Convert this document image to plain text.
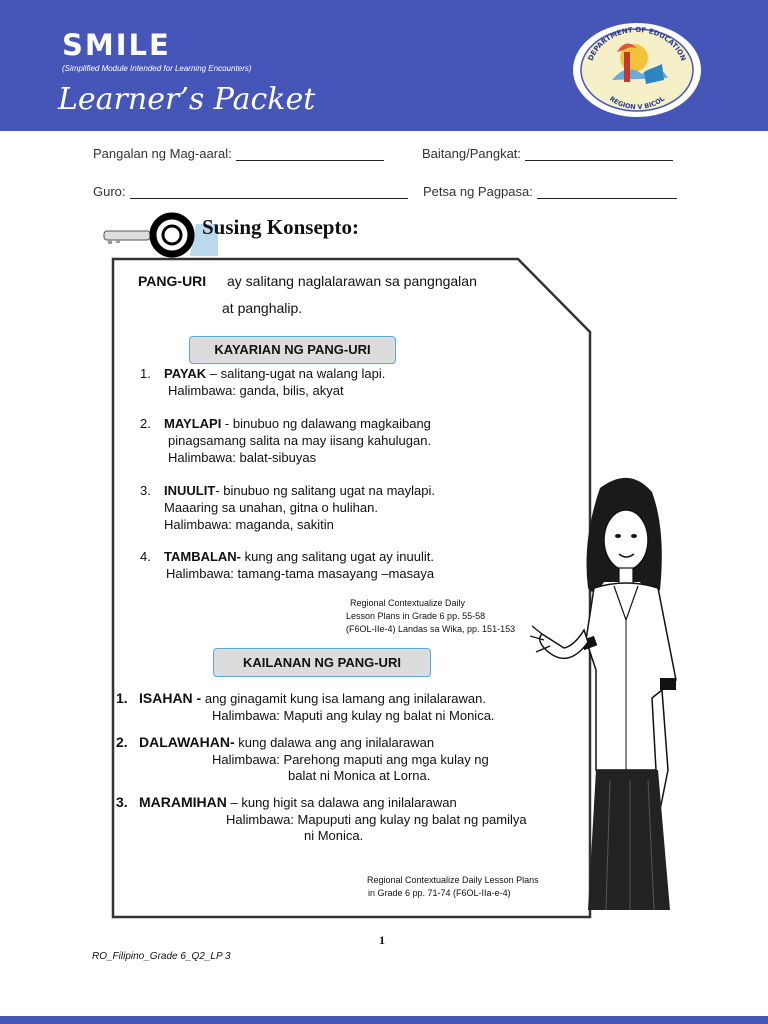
SMILE
(Simplified Module Intended for Learning Encounters)
Learner’s Packet
DEPARTMENT OF EDUCATION
REGION V BICOL
Pangalan ng Mag-aaral:	Baitang/Pangkat:
Guro:	Petsa ng Pagpasa:
Susing Konsepto:
PANG-URI ay salitang naglalarawan sa pangngalan
at panghalip.
KAYARIAN NG PANG-URI
1. PAYAK – salitang-ugat na walang lapi.
Halimbawa: ganda, bilis, akyat
2. MAYLAPI - binubuo ng dalawang magkaibang
pinagsamang salita na may iisang kahulugan.
Halimbawa: balat-sibuyas
3. INUULIT- binubuo ng salitang ugat na maylapi.
Maaaring sa unahan, gitna o hulihan.
Halimbawa: maganda, sakitin
4. TAMBALAN- kung ang salitang ugat ay inuulit.
Halimbawa: tamang-tama masayang –masaya
Regional Contextualize Daily
Lesson Plans in Grade 6 pp. 55-58
(F6OL-IIe-4) Landas sa Wika, pp. 151-153
KAILANAN NG PANG-URI
1. ISAHAN - ang ginagamit kung isa lamang ang inilalarawan.
Halimbawa: Maputi ang kulay ng balat ni Monica.
2. DALAWAHAN- kung dalawa ang ang inilalarawan
Halimbawa: Parehong maputi ang mga kulay ng
balat ni Monica at Lorna.
3. MARAMIHAN – kung higit sa dalawa ang inilalarawan
Halimbawa: Mapuputi ang kulay ng balat ng pamilya
ni Monica.
Regional Contextualize Daily Lesson Plans
in Grade 6 pp. 71-74 (F6OL-IIa-e-4)
1
RO_Filipino_Grade 6_Q2_LP 3
